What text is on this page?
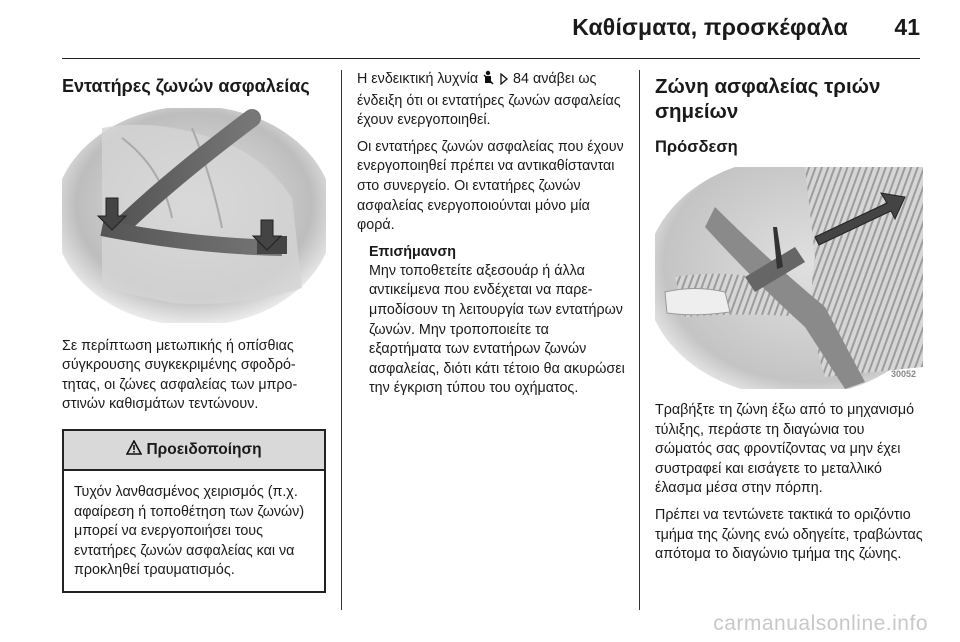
Καθίσματα, προσκέφαλα 41
Εντατήρες ζωνών ασφαλείας

Σε περίπτωση μετωπικής ή οπίσθιας σύγκρουσης συγκεκριμένης σφοδρότητας, οι ζώνες ασφαλείας των μπροστινών καθισμάτων τεντώνουν.

Προειδοποίηση

Τυχόν λανθασμένος χειρισμός (π.χ. αφαίρεση ή τοποθέτηση των ζωνών) μπορεί να ενεργοποιήσει τους εντατήρες ζωνών ασφαλείας και να προκληθεί τραυματισμός.

Η ενδεικτική λυχνία 84 ανάβει ως ένδειξη ότι οι εντατήρες ζωνών ασφαλείας έχουν ενεργοποιηθεί.

Οι εντατήρες ζωνών ασφαλείας που έχουν ενεργοποιηθεί πρέπει να αντικαθίστανται στο συνεργείο. Οι εντατήρες ζωνών ασφαλείας ενεργοποιούνται μόνο μία φορά.

Επισήμανση

Μην τοποθετείτε αξεσουάρ ή άλλα αντικείμενα που ενδέχεται να παρεμποδίσουν τη λειτουργία των εντατήρων ζωνών. Μην τροποποιείτε τα εξαρτήματα των εντατήρων ζωνών ασφαλείας, διότι κάτι τέτοιο θα ακυρώσει την έγκριση τύπου του οχήματος.

Ζώνη ασφαλείας τριών σημείων
Πρόσδεση
30052

Τραβήξτε τη ζώνη έξω από το μηχανισμό τύλιξης, περάστε τη διαγώνια του σώματός σας φροντίζοντας να μην έχει συστραφεί και εισάγετε το μεταλλικό έλασμα μέσα στην πόρπη.

Πρέπει να τεντώνετε τακτικά το οριζόντιο τμήμα της ζώνης ενώ οδηγείτε, τραβώντας απότομα το διαγώνιο τμήμα της ζώνης.

carmanualsonline.info
